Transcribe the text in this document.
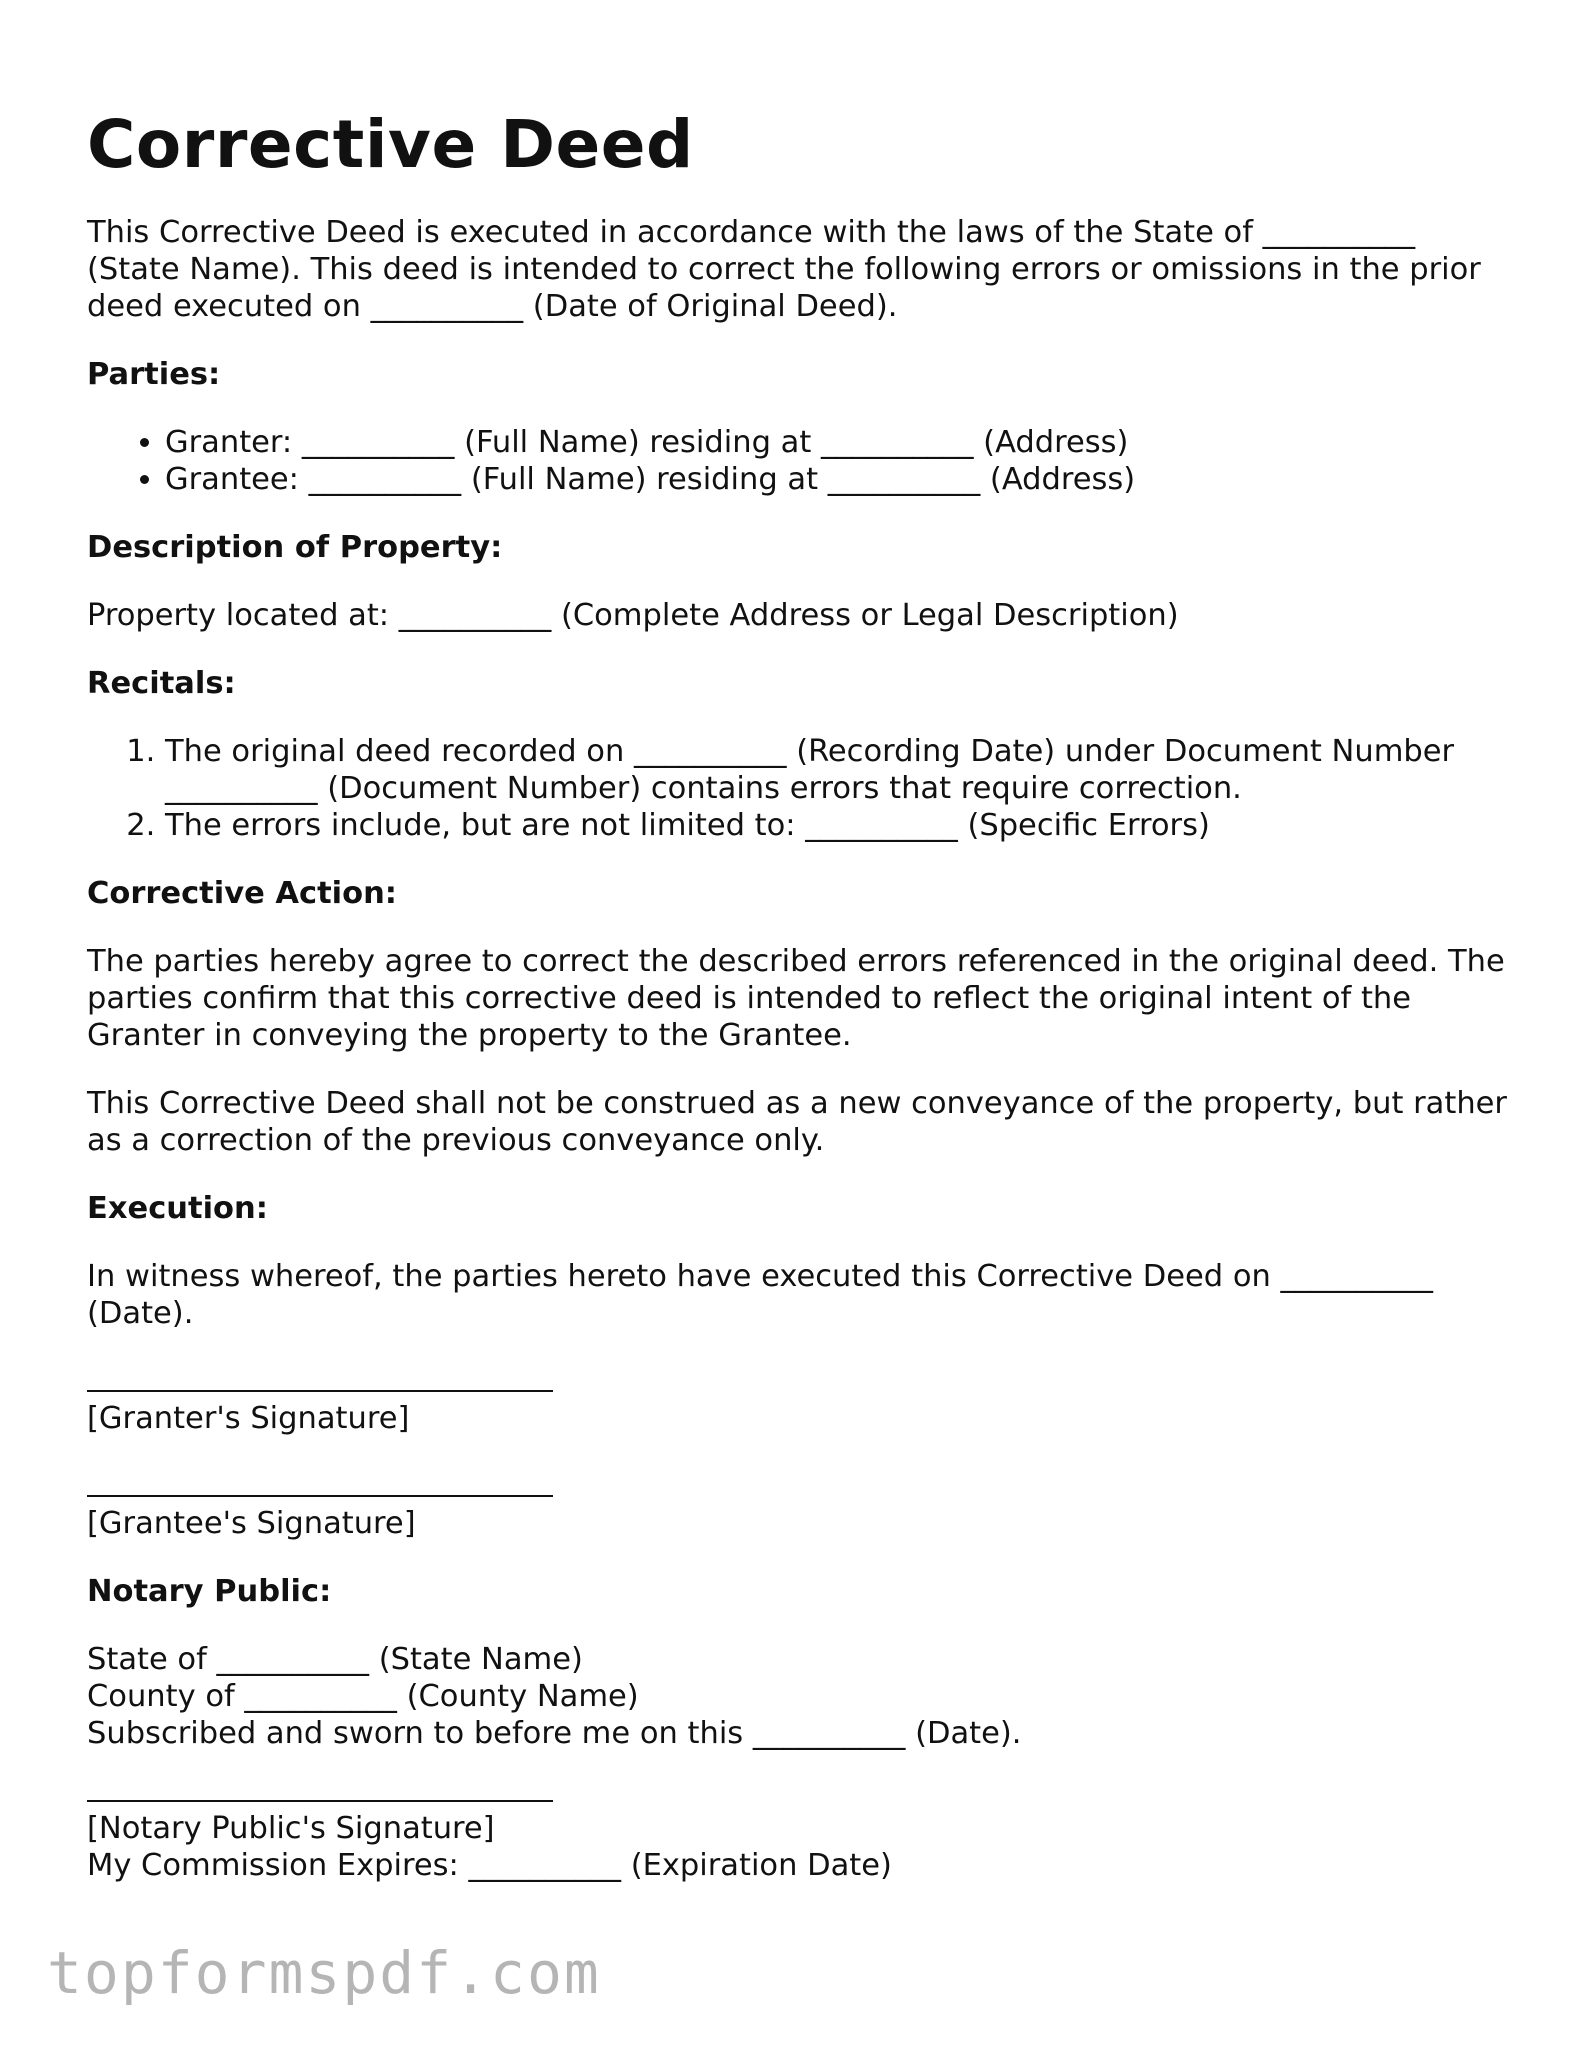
Corrective Deed

This Corrective Deed is executed in accordance with the laws of the State of __________ (State Name). This deed is intended to correct the following errors or omissions in the prior deed executed on __________ (Date of Original Deed).

Parties:
• Granter: __________ (Full Name) residing at __________ (Address)
• Grantee: __________ (Full Name) residing at __________ (Address)
Description of Property:

Property located at: __________ (Complete Address or Legal Description)

Recitals:
1. The original deed recorded on __________ (Recording Date) under Document Number __________ (Document Number) contains errors that require correction.
2. The errors include, but are not limited to: __________ (Specific Errors)
Corrective Action:

The parties hereby agree to correct the described errors referenced in the original deed. The parties confirm that this corrective deed is intended to reflect the original intent of the Granter in conveying the property to the Grantee.

This Corrective Deed shall not be construed as a new conveyance of the property, but rather as a correction of the previous conveyance only.

Execution:

In witness whereof, the parties hereto have executed this Corrective Deed on __________ (Date).

[Granter's Signature]
[Grantee's Signature]
Notary Public:
State of __________ (State Name)
County of __________ (County Name)
Subscribed and sworn to before me on this __________ (Date).
[Notary Public's Signature]
My Commission Expires: __________ (Expiration Date)
topformspdf.com
